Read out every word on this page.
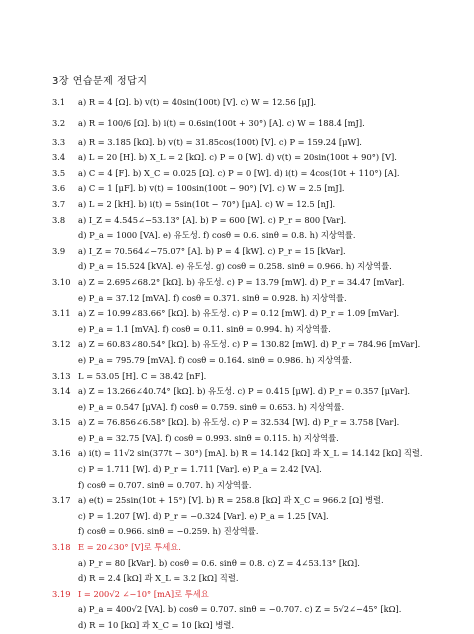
3장 연습문제 정답지
3.1 a) R = 4 [Ω]. b) v(t) = 40sin(100t) [V]. c) W = 12.56 [μJ].
3.2 a) R = 100/6 [Ω]. b) i(t) = 0.6sin(100t + 30°) [A]. c) W = 188.4 [mJ].
3.3 a) R = 3.185 [kΩ]. b) v(t) = 31.85cos(100t) [V]. c) P = 159.24 [μW].
3.4 a) L = 20 [H]. b) X_L = 2 [kΩ]. c) P = 0 [W]. d) v(t) = 20sin(100t + 90°) [V].
3.5 a) C = 4 [F]. b) X_C = 0.025 [Ω]. c) P = 0 [W]. d) i(t) = 4cos(10t + 110°) [A].
3.6 a) C = 1 [μF]. b) v(t) = 100sin(100t − 90°) [V]. c) W = 2.5 [mJ].
3.7 a) L = 2 [kH]. b) i(t) = 5sin(10t − 70°) [μA]. c) W = 12.5 [nJ].
3.8 a) I_Z = 4.545∠−53.13° [A]. b) P = 600 [W]. c) P_r = 800 [Var].
d) P_a = 1000 [VA]. e) 유도성. f) cosθ = 0.6. sinθ = 0.8. h) 지상역률.
3.9 a) I_Z = 70.564∠−75.07° [A]. b) P = 4 [kW]. c) P_r = 15 [kVar].
d) P_a = 15.524 [kVA]. e) 유도성. g) cosθ = 0.258. sinθ = 0.966. h) 지상역률.
3.10 a) Z = 2.695∠68.2° [kΩ]. b) 유도성. c) P = 13.79 [mW]. d) P_r = 34.47 [mVar].
e) P_a = 37.12 [mVA]. f) cosθ = 0.371. sinθ = 0.928. h) 지상역률.
3.11 a) Z = 10.99∠83.66° [kΩ]. b) 유도성. c) P = 0.12 [mW]. d) P_r = 1.09 [mVar].
e) P_a = 1.1 [mVA]. f) cosθ = 0.11. sinθ = 0.994. h) 지상역률.
3.12 a) Z = 60.83∠80.54° [kΩ]. b) 유도성. c) P = 130.82 [mW]. d) P_r = 784.96 [mVar].
e) P_a = 795.79 [mVA]. f) cosθ = 0.164. sinθ = 0.986. h) 지상역률.
3.13 L = 53.05 [H]. C = 38.42 [nF].
3.14 a) Z = 13.266∠40.74° [kΩ]. b) 유도성. c) P = 0.415 [μW]. d) P_r = 0.357 [μVar].
e) P_a = 0.547 [μVA]. f) cosθ = 0.759. sinθ = 0.653. h) 지상역률.
3.15 a) Z = 76.856∠6.58° [kΩ]. b) 유도성. c) P = 32.534 [W]. d) P_r = 3.758 [Var].
e) P_a = 32.75 [VA]. f) cosθ = 0.993. sinθ = 0.115. h) 지상역률.
3.16 a) i(t) = 11√2 sin(377t − 30°) [mA]. b) R = 14.142 [kΩ] 과 X_L = 14.142 [kΩ] 직렬.
c) P = 1.711 [W]. d) P_r = 1.711 [Var]. e) P_a = 2.42 [VA].
f) cosθ = 0.707. sinθ = 0.707. h) 지상역률.
3.17 a) e(t) = 25sin(10t + 15°) [V]. b) R = 258.8 [kΩ] 과 X_C = 966.2 [Ω] 병렬.
c) P = 1.207 [W]. d) P_r = −0.324 [Var]. e) P_a = 1.25 [VA].
f) cosθ = 0.966. sinθ = −0.259. h) 진상역률.
3.18 E = 20∠30° [V]로 투세요.
a) P_r = 80 [kVar]. b) cosθ = 0.6. sinθ = 0.8. c) Z = 4∠53.13° [kΩ].
d) R = 2.4 [kΩ] 과 X_L = 3.2 [kΩ] 직렬.
3.19 I = 200√2 ∠−10° [mA]로 투세요
a) P_a = 400√2 [VA]. b) cosθ = 0.707. sinθ = −0.707. c) Z = 5√2∠−45° [kΩ].
d) R = 10 [kΩ] 과 X_C = 10 [kΩ] 병렬.
